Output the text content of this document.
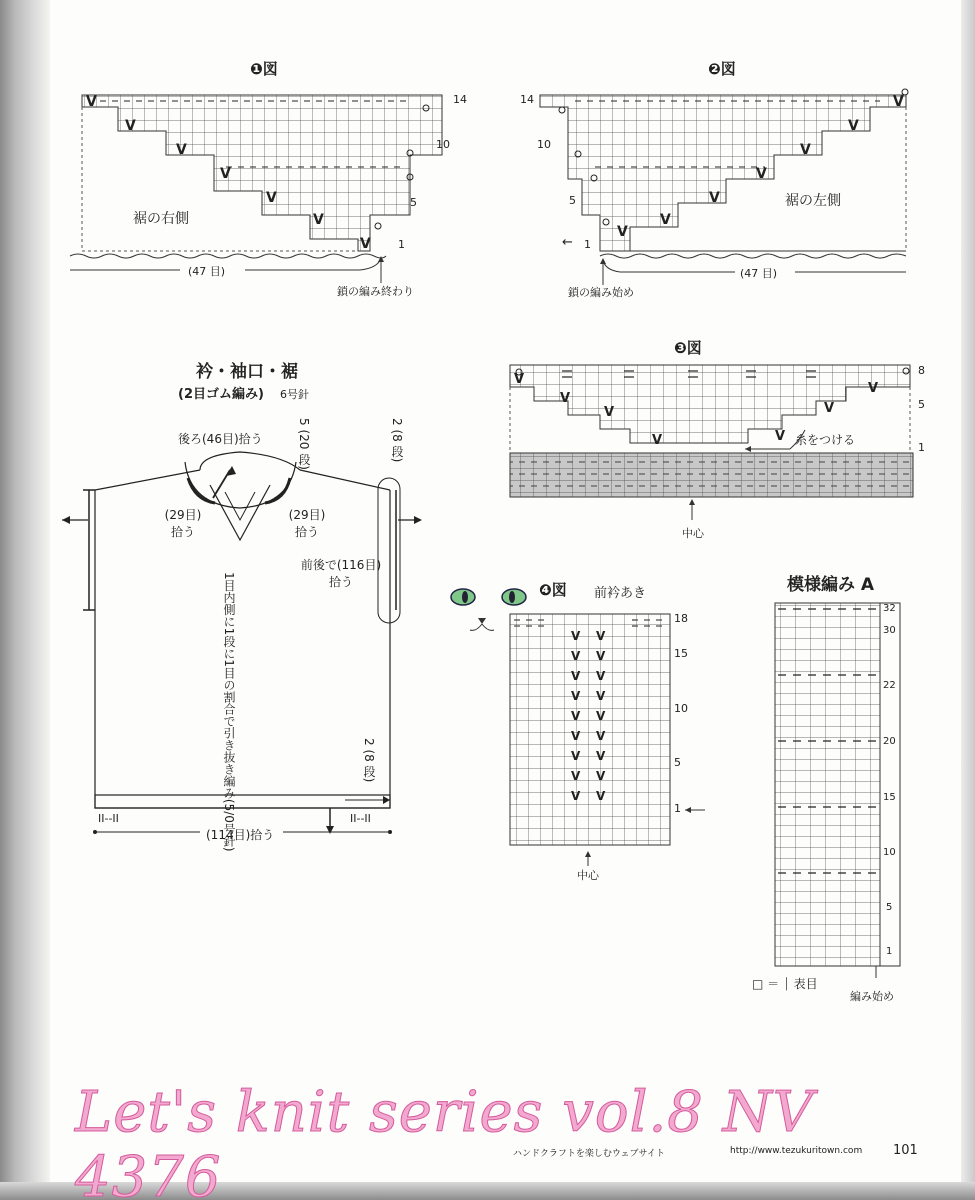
V
V
V
V
V
V
V
V
V
V
V
V
V
V
V
V
V
V	V
V
V
V V
V V
V V
V V
V V
V V
V V
V V
V V
❶図
14
10
5
1
裾の右側
(47 目)
鎖の編み終わり
❷図
14
10
5
1
←
裾の左側
(47 目)
鎖の編み始め
❸図
8
5
1
糸をつける
中心
❹図 前衿あき
18
15
10
5
1
中心
模様編み A
32
30
22
20
15
10
5
1
□ ＝ ⏐ 表目
編み始め
衿・袖口・裾
(2目ゴム編み) 6号針
後ろ(46目)拾う	5 (20 段)	2 (8 段)
(29目) 拾う
(29目) 拾う
前後で(116目) 拾う
1目内側に1段に1目の割合で引き抜き編み(5/0号針)	2 (8 段)
(114目)拾う
II--II	II--II
Let's knit series vol.8 NV 4376	ハンドクラフトを楽しむウェブサイト	http://www.tezukuritown.com 101
